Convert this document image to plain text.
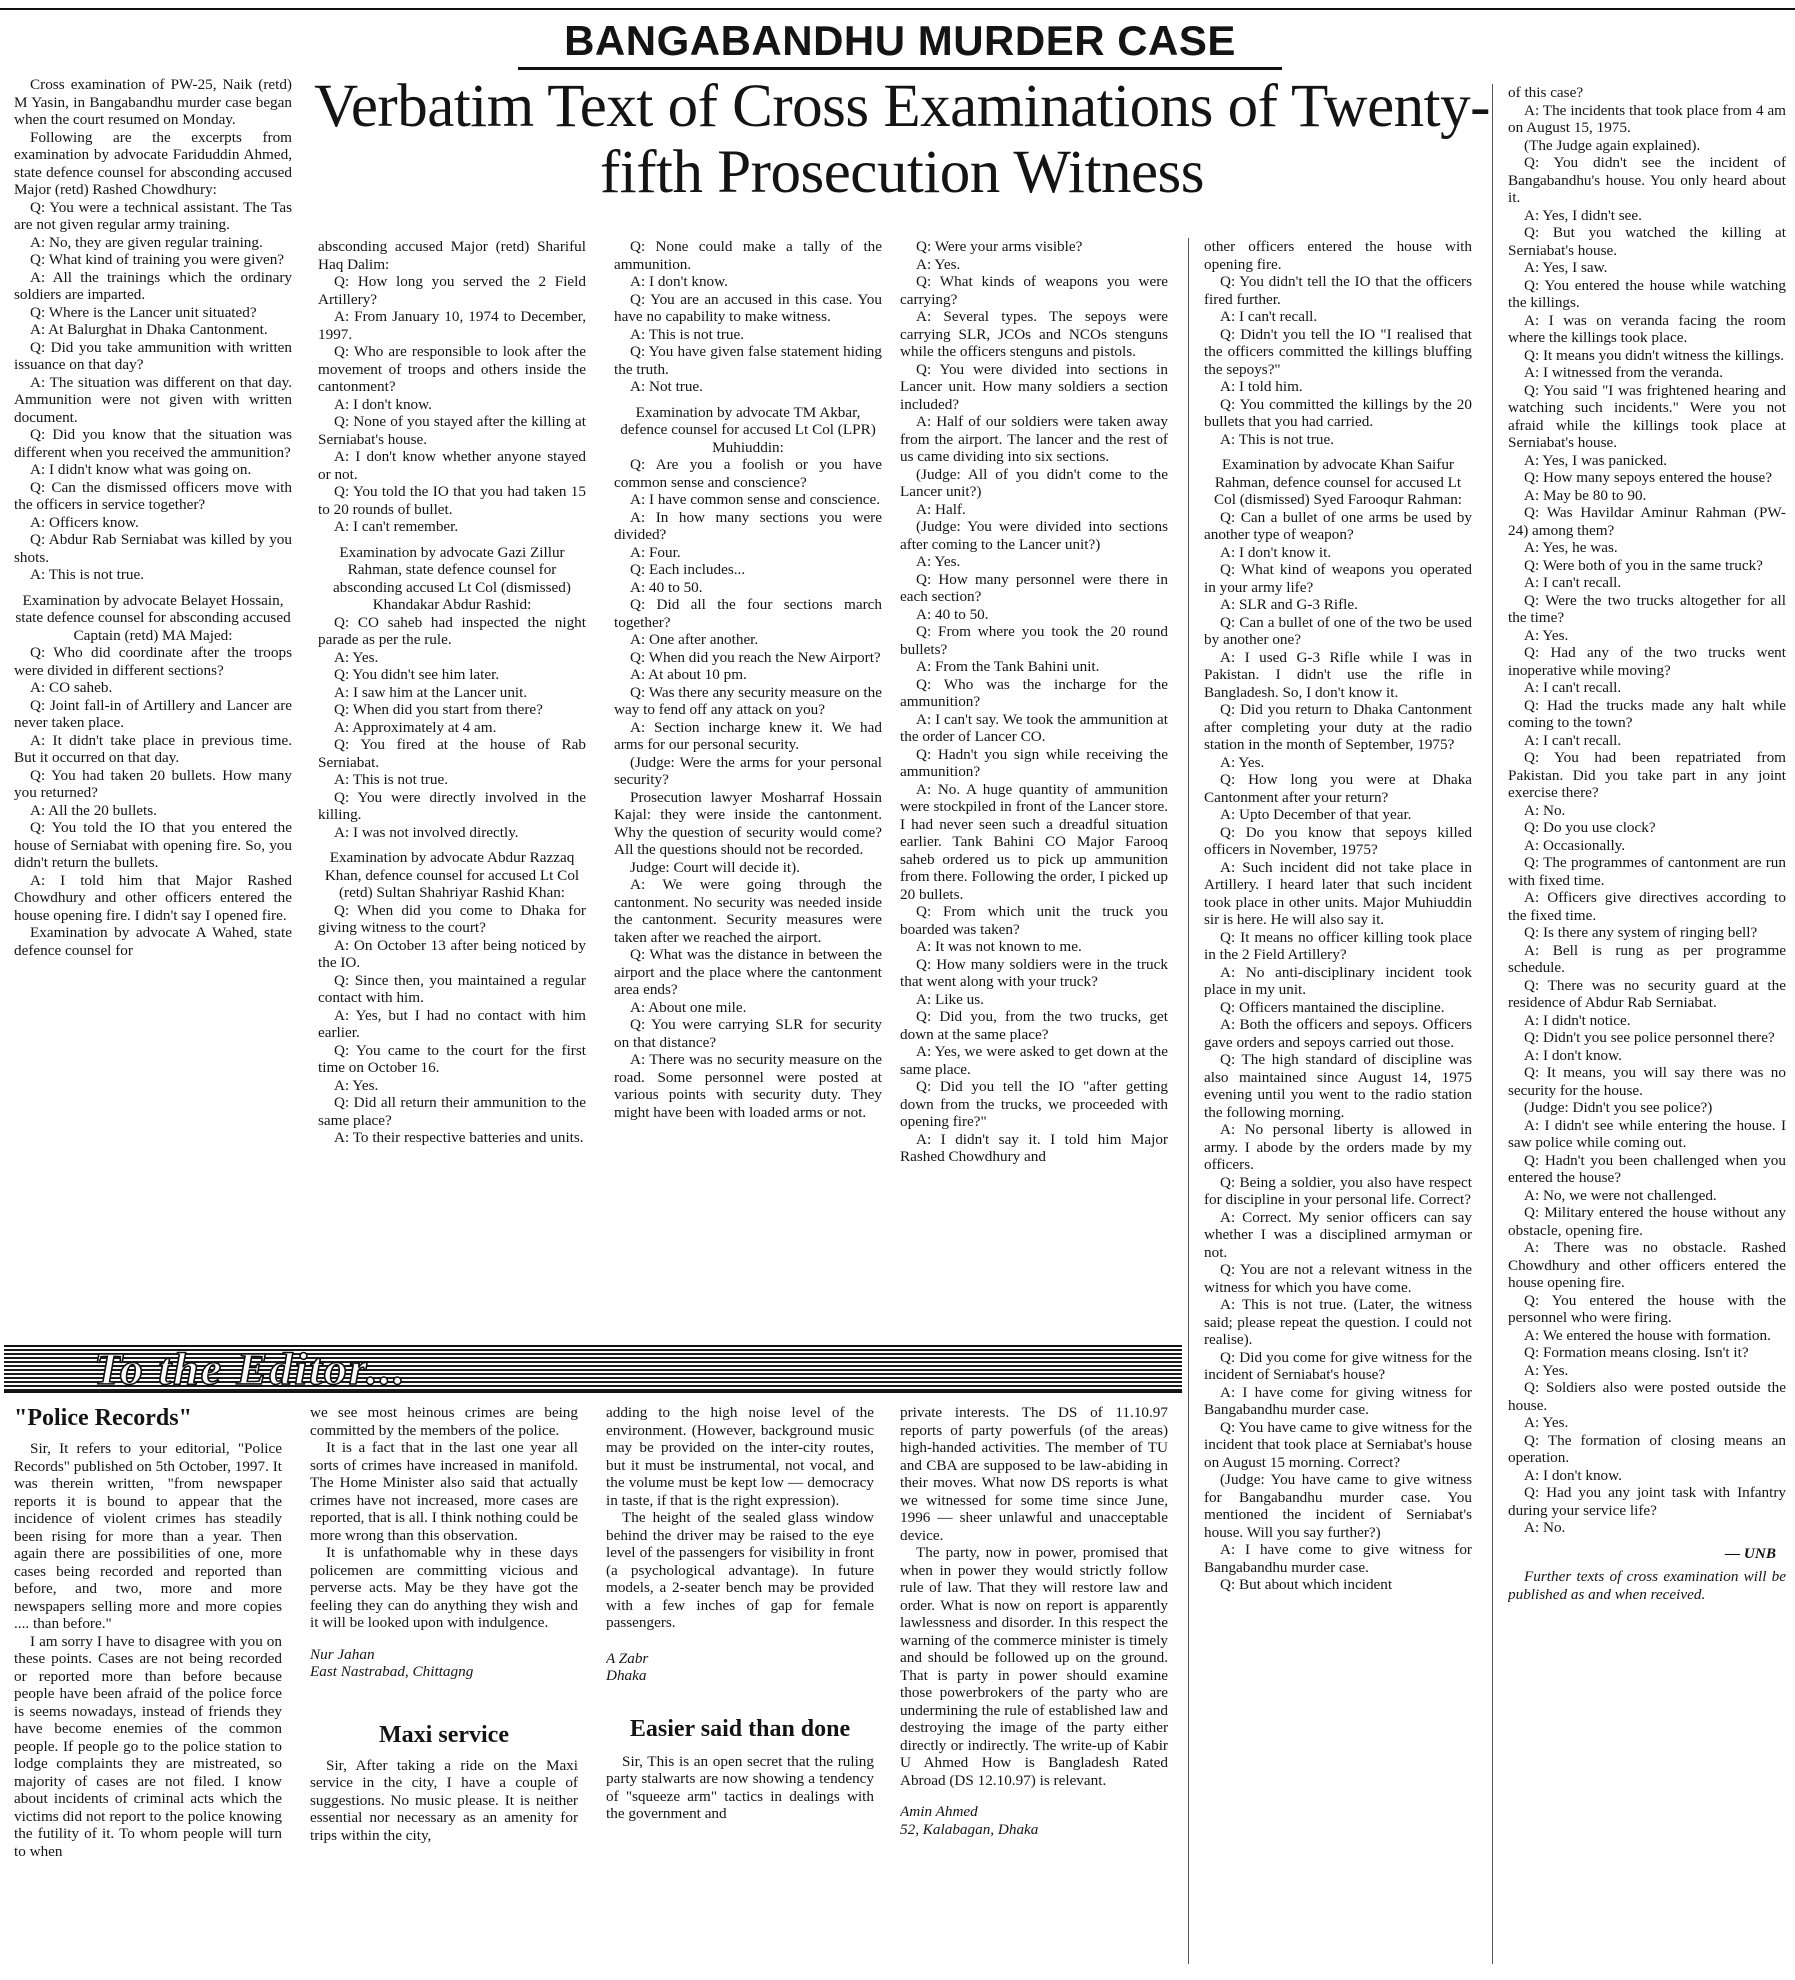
BANGABANDHU MURDER CASE
Verbatim Text of Cross Examinations of Twenty-fifth Prosecution Witness

Cross examination of PW-25, Naik (retd) M Yasin, in Bangabandhu murder case began when the court resumed on Monday.

Following are the excerpts from examination by advocate Fariduddin Ahmed, state defence counsel for absconding accused Major (retd) Rashed Chowdhury:

Q: You were a technical assistant. The Tas are not given regular army training.

A: No, they are given regular training.

Q: What kind of training you were given?

A: All the trainings which the ordinary soldiers are imparted.

Q: Where is the Lancer unit situated?

A: At Balurghat in Dhaka Cantonment.

Q: Did you take ammunition with written issuance on that day?

A: The situation was different on that day. Ammunition were not given with written document.

Q: Did you know that the situation was different when you received the ammunition?

A: I didn't know what was going on.

Q: Can the dismissed officers move with the officers in service together?

A: Officers know.

Q: Abdur Rab Serniabat was killed by you shots.

A: This is not true.

Examination by advocate Belayet Hossain, state defence counsel for absconding accused Captain (retd) MA Majed:

Q: Who did coordinate after the troops were divided in different sections?

A: CO saheb.

Q: Joint fall-in of Artillery and Lancer are never taken place.

A: It didn't take place in previous time. But it occurred on that day.

Q: You had taken 20 bullets. How many you returned?

A: All the 20 bullets.

Q: You told the IO that you entered the house of Serniabat with opening fire. So, you didn't return the bullets.

A: I told him that Major Rashed Chowdhury and other officers entered the house opening fire. I didn't say I opened fire.

Examination by advocate A Wahed, state defence counsel for

absconding accused Major (retd) Shariful Haq Dalim:

Q: How long you served the 2 Field Artillery?

A: From January 10, 1974 to December, 1997.

Q: Who are responsible to look after the movement of troops and others inside the cantonment?

A: I don't know.

Q: None of you stayed after the killing at Serniabat's house.

A: I don't know whether anyone stayed or not.

Q: You told the IO that you had taken 15 to 20 rounds of bullet.

A: I can't remember.

Examination by advocate Gazi Zillur Rahman, state defence counsel for absconding accused Lt Col (dismissed) Khandakar Abdur Rashid:

Q: CO saheb had inspected the night parade as per the rule.

A: Yes.

Q: You didn't see him later.

A: I saw him at the Lancer unit.

Q: When did you start from there?

A: Approximately at 4 am.

Q: You fired at the house of Rab Serniabat.

A: This is not true.

Q: You were directly involved in the killing.

A: I was not involved directly.

Examination by advocate Abdur Razzaq Khan, defence counsel for accused Lt Col (retd) Sultan Shahriyar Rashid Khan:

Q: When did you come to Dhaka for giving witness to the court?

A: On October 13 after being noticed by the IO.

Q: Since then, you maintained a regular contact with him.

A: Yes, but I had no contact with him earlier.

Q: You came to the court for the first time on October 16.

A: Yes.

Q: Did all return their ammunition to the same place?

A: To their respective batteries and units.

Q: None could make a tally of the ammunition.

A: I don't know.

Q: You are an accused in this case. You have no capability to make witness.

A: This is not true.

Q: You have given false statement hiding the truth.

A: Not true.

Examination by advocate TM Akbar, defence counsel for accused Lt Col (LPR) Muhiuddin:

Q: Are you a foolish or you have common sense and conscience?

A: I have common sense and conscience.

A: In how many sections you were divided?

A: Four.

Q: Each includes...

A: 40 to 50.

Q: Did all the four sections march together?

A: One after another.

Q: When did you reach the New Airport?

A: At about 10 pm.

Q: Was there any security measure on the way to fend off any attack on you?

A: Section incharge knew it. We had arms for our personal security.

(Judge: Were the arms for your personal security?

Prosecution lawyer Mosharraf Hossain Kajal: they were inside the cantonment. Why the question of security would come? All the questions should not be recorded.

Judge: Court will decide it).

A: We were going through the cantonment. No security was needed inside the cantonment. Security measures were taken after we reached the airport.

Q: What was the distance in between the airport and the place where the cantonment area ends?

A: About one mile.

Q: You were carrying SLR for security on that distance?

A: There was no security measure on the road. Some personnel were posted at various points with security duty. They might have been with loaded arms or not.

Q: Were your arms visible?

A: Yes.

Q: What kinds of weapons you were carrying?

A: Several types. The sepoys were carrying SLR, JCOs and NCOs stenguns while the officers stenguns and pistols.

Q: You were divided into sections in Lancer unit. How many soldiers a section included?

A: Half of our soldiers were taken away from the airport. The lancer and the rest of us came dividing into six sections.

(Judge: All of you didn't come to the Lancer unit?)

A: Half.

(Judge: You were divided into sections after coming to the Lancer unit?)

A: Yes.

Q: How many personnel were there in each section?

A: 40 to 50.

Q: From where you took the 20 round bullets?

A: From the Tank Bahini unit.

Q: Who was the incharge for the ammunition?

A: I can't say. We took the ammunition at the order of Lancer CO.

Q: Hadn't you sign while receiving the ammunition?

A: No. A huge quantity of ammunition were stockpiled in front of the Lancer store. I had never seen such a dreadful situation earlier. Tank Bahini CO Major Farooq saheb ordered us to pick up ammunition from there. Following the order, I picked up 20 bullets.

Q: From which unit the truck you boarded was taken?

A: It was not known to me.

Q: How many soldiers were in the truck that went along with your truck?

A: Like us.

Q: Did you, from the two trucks, get down at the same place?

A: Yes, we were asked to get down at the same place.

Q: Did you tell the IO "after getting down from the trucks, we proceeded with opening fire?"

A: I didn't say it. I told him Major Rashed Chowdhury and

other officers entered the house with opening fire.

Q: You didn't tell the IO that the officers fired further.

A: I can't recall.

Q: Didn't you tell the IO "I realised that the officers committed the killings bluffing the sepoys?"

A: I told him.

Q: You committed the killings by the 20 bullets that you had carried.

A: This is not true.

Examination by advocate Khan Saifur Rahman, defence counsel for accused Lt Col (dismissed) Syed Farooqur Rahman:

Q: Can a bullet of one arms be used by another type of weapon?

A: I don't know it.

Q: What kind of weapons you operated in your army life?

A: SLR and G-3 Rifle.

Q: Can a bullet of one of the two be used by another one?

A: I used G-3 Rifle while I was in Pakistan. I didn't use the rifle in Bangladesh. So, I don't know it.

Q: Did you return to Dhaka Cantonment after completing your duty at the radio station in the month of September, 1975?

A: Yes.

Q: How long you were at Dhaka Cantonment after your return?

A: Upto December of that year.

Q: Do you know that sepoys killed officers in November, 1975?

A: Such incident did not take place in Artillery. I heard later that such incident took place in other units. Major Muhiuddin sir is here. He will also say it.

Q: It means no officer killing took place in the 2 Field Artillery?

A: No anti-disciplinary incident took place in my unit.

Q: Officers mantained the discipline.

A: Both the officers and sepoys. Officers gave orders and sepoys carried out those.

Q: The high standard of discipline was also maintained since August 14, 1975 evening until you went to the radio station the following morning.

A: No personal liberty is allowed in army. I abode by the orders made by my officers.

Q: Being a soldier, you also have respect for discipline in your personal life. Correct?

A: Correct. My senior officers can say whether I was a disciplined armyman or not.

Q: You are not a relevant witness in the witness for which you have come.

A: This is not true. (Later, the witness said; please repeat the question. I could not realise).

Q: Did you come for give witness for the incident of Serniabat's house?

A: I have come for giving witness for Bangabandhu murder case.

Q: You have came to give witness for the incident that took place at Serniabat's house on August 15 morning. Correct?

(Judge: You have came to give witness for Bangabandhu murder case. You mentioned the incident of Serniabat's house. Will you say further?)

A: I have come to give witness for Bangabandhu murder case.

Q: But about which incident

of this case?

A: The incidents that took place from 4 am on August 15, 1975.

(The Judge again explained).

Q: You didn't see the incident of Bangabandhu's house. You only heard about it.

A: Yes, I didn't see.

Q: But you watched the killing at Serniabat's house.

A: Yes, I saw.

Q: You entered the house while watching the killings.

A: I was on veranda facing the room where the killings took place.

Q: It means you didn't witness the killings.

A: I witnessed from the veranda.

Q: You said "I was frightened hearing and watching such incidents." Were you not afraid while the killings took place at Serniabat's house.

A: Yes, I was panicked.

Q: How many sepoys entered the house?

A: May be 80 to 90.

Q: Was Havildar Aminur Rahman (PW-24) among them?

A: Yes, he was.

Q: Were both of you in the same truck?

A: I can't recall.

Q: Were the two trucks altogether for all the time?

A: Yes.

Q: Had any of the two trucks went inoperative while moving?

A: I can't recall.

Q: Had the trucks made any halt while coming to the town?

A: I can't recall.

Q: You had been repatriated from Pakistan. Did you take part in any joint exercise there?

A: No.

Q: Do you use clock?

A: Occasionally.

Q: The programmes of cantonment are run with fixed time.

A: Officers give directives according to the fixed time.

Q: Is there any system of ringing bell?

A: Bell is rung as per programme schedule.

Q: There was no security guard at the residence of Abdur Rab Serniabat.

A: I didn't notice.

Q: Didn't you see police personnel there?

A: I don't know.

Q: It means, you will say there was no security for the house.

(Judge: Didn't you see police?)

A: I didn't see while entering the house. I saw police while coming out.

Q: Hadn't you been challenged when you entered the house?

A: No, we were not challenged.

Q: Military entered the house without any obstacle, opening fire.

A: There was no obstacle. Rashed Chowdhury and other officers entered the house opening fire.

Q: You entered the house with the personnel who were firing.

A: We entered the house with formation.

Q: Formation means closing. Isn't it?

A: Yes.

Q: Soldiers also were posted outside the house.

A: Yes.

Q: The formation of closing means an operation.

A: I don't know.

Q: Had you any joint task with Infantry during your service life?

A: No.

— UNB

Further texts of cross examination will be published as and when received.

To the Editor...
"Police Records"

Sir, It refers to your editorial, "Police Records" published on 5th October, 1997. It was therein written, "from newspaper reports it is bound to appear that the incidence of violent crimes has steadily been rising for more than a year. Then again there are possibilities of one, more cases being recorded and reported than before, and two, more and more newspapers selling more and more copies .... than before."

I am sorry I have to disagree with you on these points. Cases are not being recorded or reported more than before because people have been afraid of the police force is seems nowadays, instead of friends they have become enemies of the common people. If people go to the police station to lodge complaints they are mistreated, so majority of cases are not filed. I know about incidents of criminal acts which the victims did not report to the police knowing the futility of it. To whom people will turn to when

we see most heinous crimes are being committed by the members of the police.

It is a fact that in the last one year all sorts of crimes have increased in manifold. The Home Minister also said that actually crimes have not increased, more cases are reported, that is all. I think nothing could be more wrong than this observation.

It is unfathomable why in these days policemen are committing vicious and perverse acts. May be they have got the feeling they can do anything they wish and it will be looked upon with indulgence.

Nur Jahan

East Nastrabad, Chittagng

Maxi service

Sir, After taking a ride on the Maxi service in the city, I have a couple of suggestions. No music please. It is neither essential nor necessary as an amenity for trips within the city,

adding to the high noise level of the environment. (However, background music may be provided on the inter-city routes, but it must be instrumental, not vocal, and the volume must be kept low — democracy in taste, if that is the right expression).

The height of the sealed glass window behind the driver may be raised to the eye level of the passengers for visibility in front (a psychological advantage). In future models, a 2-seater bench may be provided with a few inches of gap for female passengers.

A Zabr

Dhaka

Easier said than done

Sir, This is an open secret that the ruling party stalwarts are now showing a tendency of "squeeze arm" tactics in dealings with the government and

private interests. The DS of 11.10.97 reports of party powerfuls (of the areas) high-handed activities. The member of TU and CBA are supposed to be law-abiding in their moves. What now DS reports is what we witnessed for some time since June, 1996 — sheer unlawful and unacceptable device.

The party, now in power, promised that when in power they would strictly follow rule of law. That they will restore law and order. What is now on report is apparently lawlessness and disorder. In this respect the warning of the commerce minister is timely and should be followed up on the ground. That is party in power should examine those powerbrokers of the party who are undermining the rule of established law and destroying the image of the party either directly or indirectly. The write-up of Kabir U Ahmed How is Bangladesh Rated Abroad (DS 12.10.97) is relevant.

Amin Ahmed

52, Kalabagan, Dhaka
